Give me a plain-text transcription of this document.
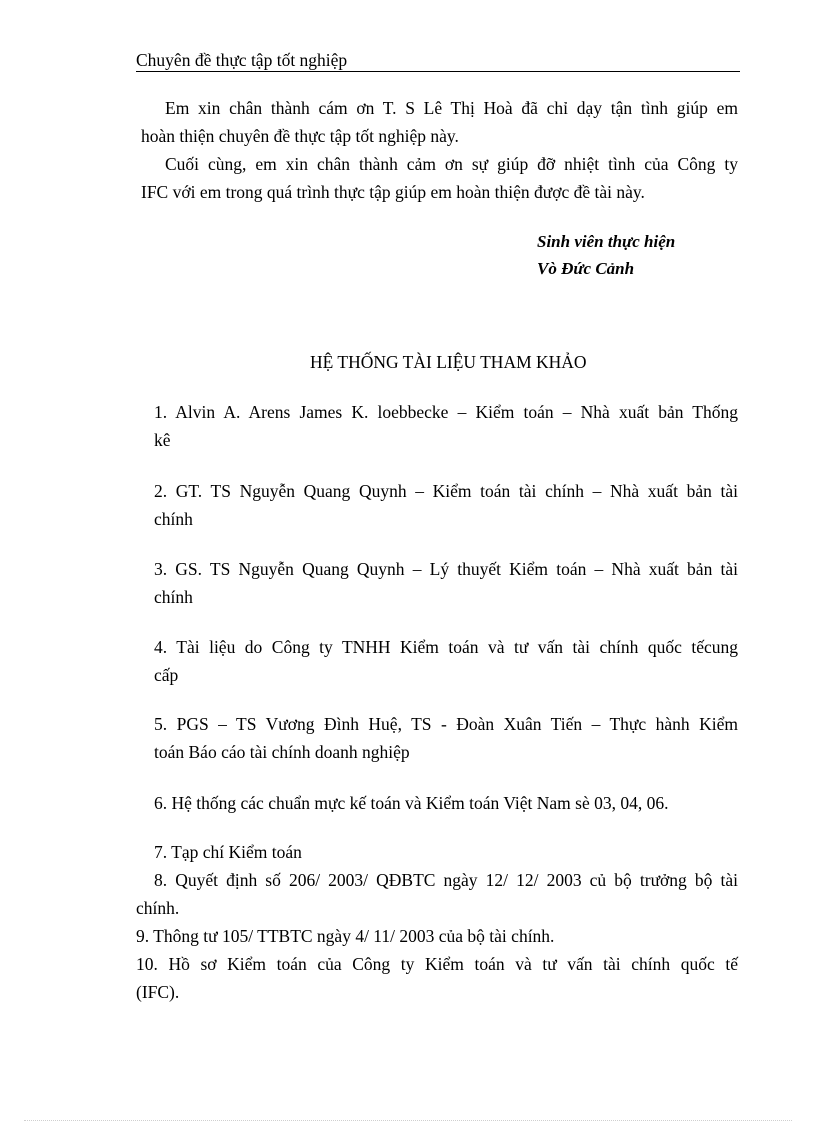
Chuyên đề thực tập tốt nghiệp
Em xin chân thành cám ơn T. S Lê Thị Hoà đã chỉ dạy tận tình giúp em
hoàn thiện chuyên đề thực tập tốt nghiệp này.
Cuối cùng, em xin chân thành cảm ơn sự giúp đỡ nhiệt tình của Công ty
IFC với em trong quá trình thực tập giúp em hoàn thiện được đề tài này.
Sinh viên thực hiện
Vò Đức Cảnh
HỆ THỐNG TÀI LIỆU THAM KHẢO
1. Alvin A. Arens James K. loebbecke – Kiểm toán – Nhà xuất bản Thống
kê
2. GT. TS Nguyễn Quang Quynh – Kiểm toán tài chính – Nhà xuất bản tài
chính
3. GS. TS Nguyễn Quang Quynh – Lý thuyết Kiểm toán – Nhà xuất bản tài
chính
4. Tài liệu do Công ty TNHH Kiểm toán và tư vấn tài chính quốc tếcung
cấp
5. PGS – TS Vương Đình Huệ, TS - Đoàn Xuân Tiến – Thực hành Kiểm
toán Báo cáo tài chính doanh nghiệp
6. Hệ thống các chuẩn mực kế toán và Kiểm toán Việt Nam sè 03, 04, 06.
7. Tạp chí Kiểm toán
8. Quyết định số 206/ 2003/ QĐBTC ngày 12/ 12/ 2003 củ bộ trưởng bộ tài
chính.
9. Thông tư 105/ TTBTC ngày 4/ 11/ 2003 của bộ tài chính.
10. Hồ sơ Kiểm toán của Công ty Kiểm toán và tư vấn tài chính quốc tế
(IFC).
